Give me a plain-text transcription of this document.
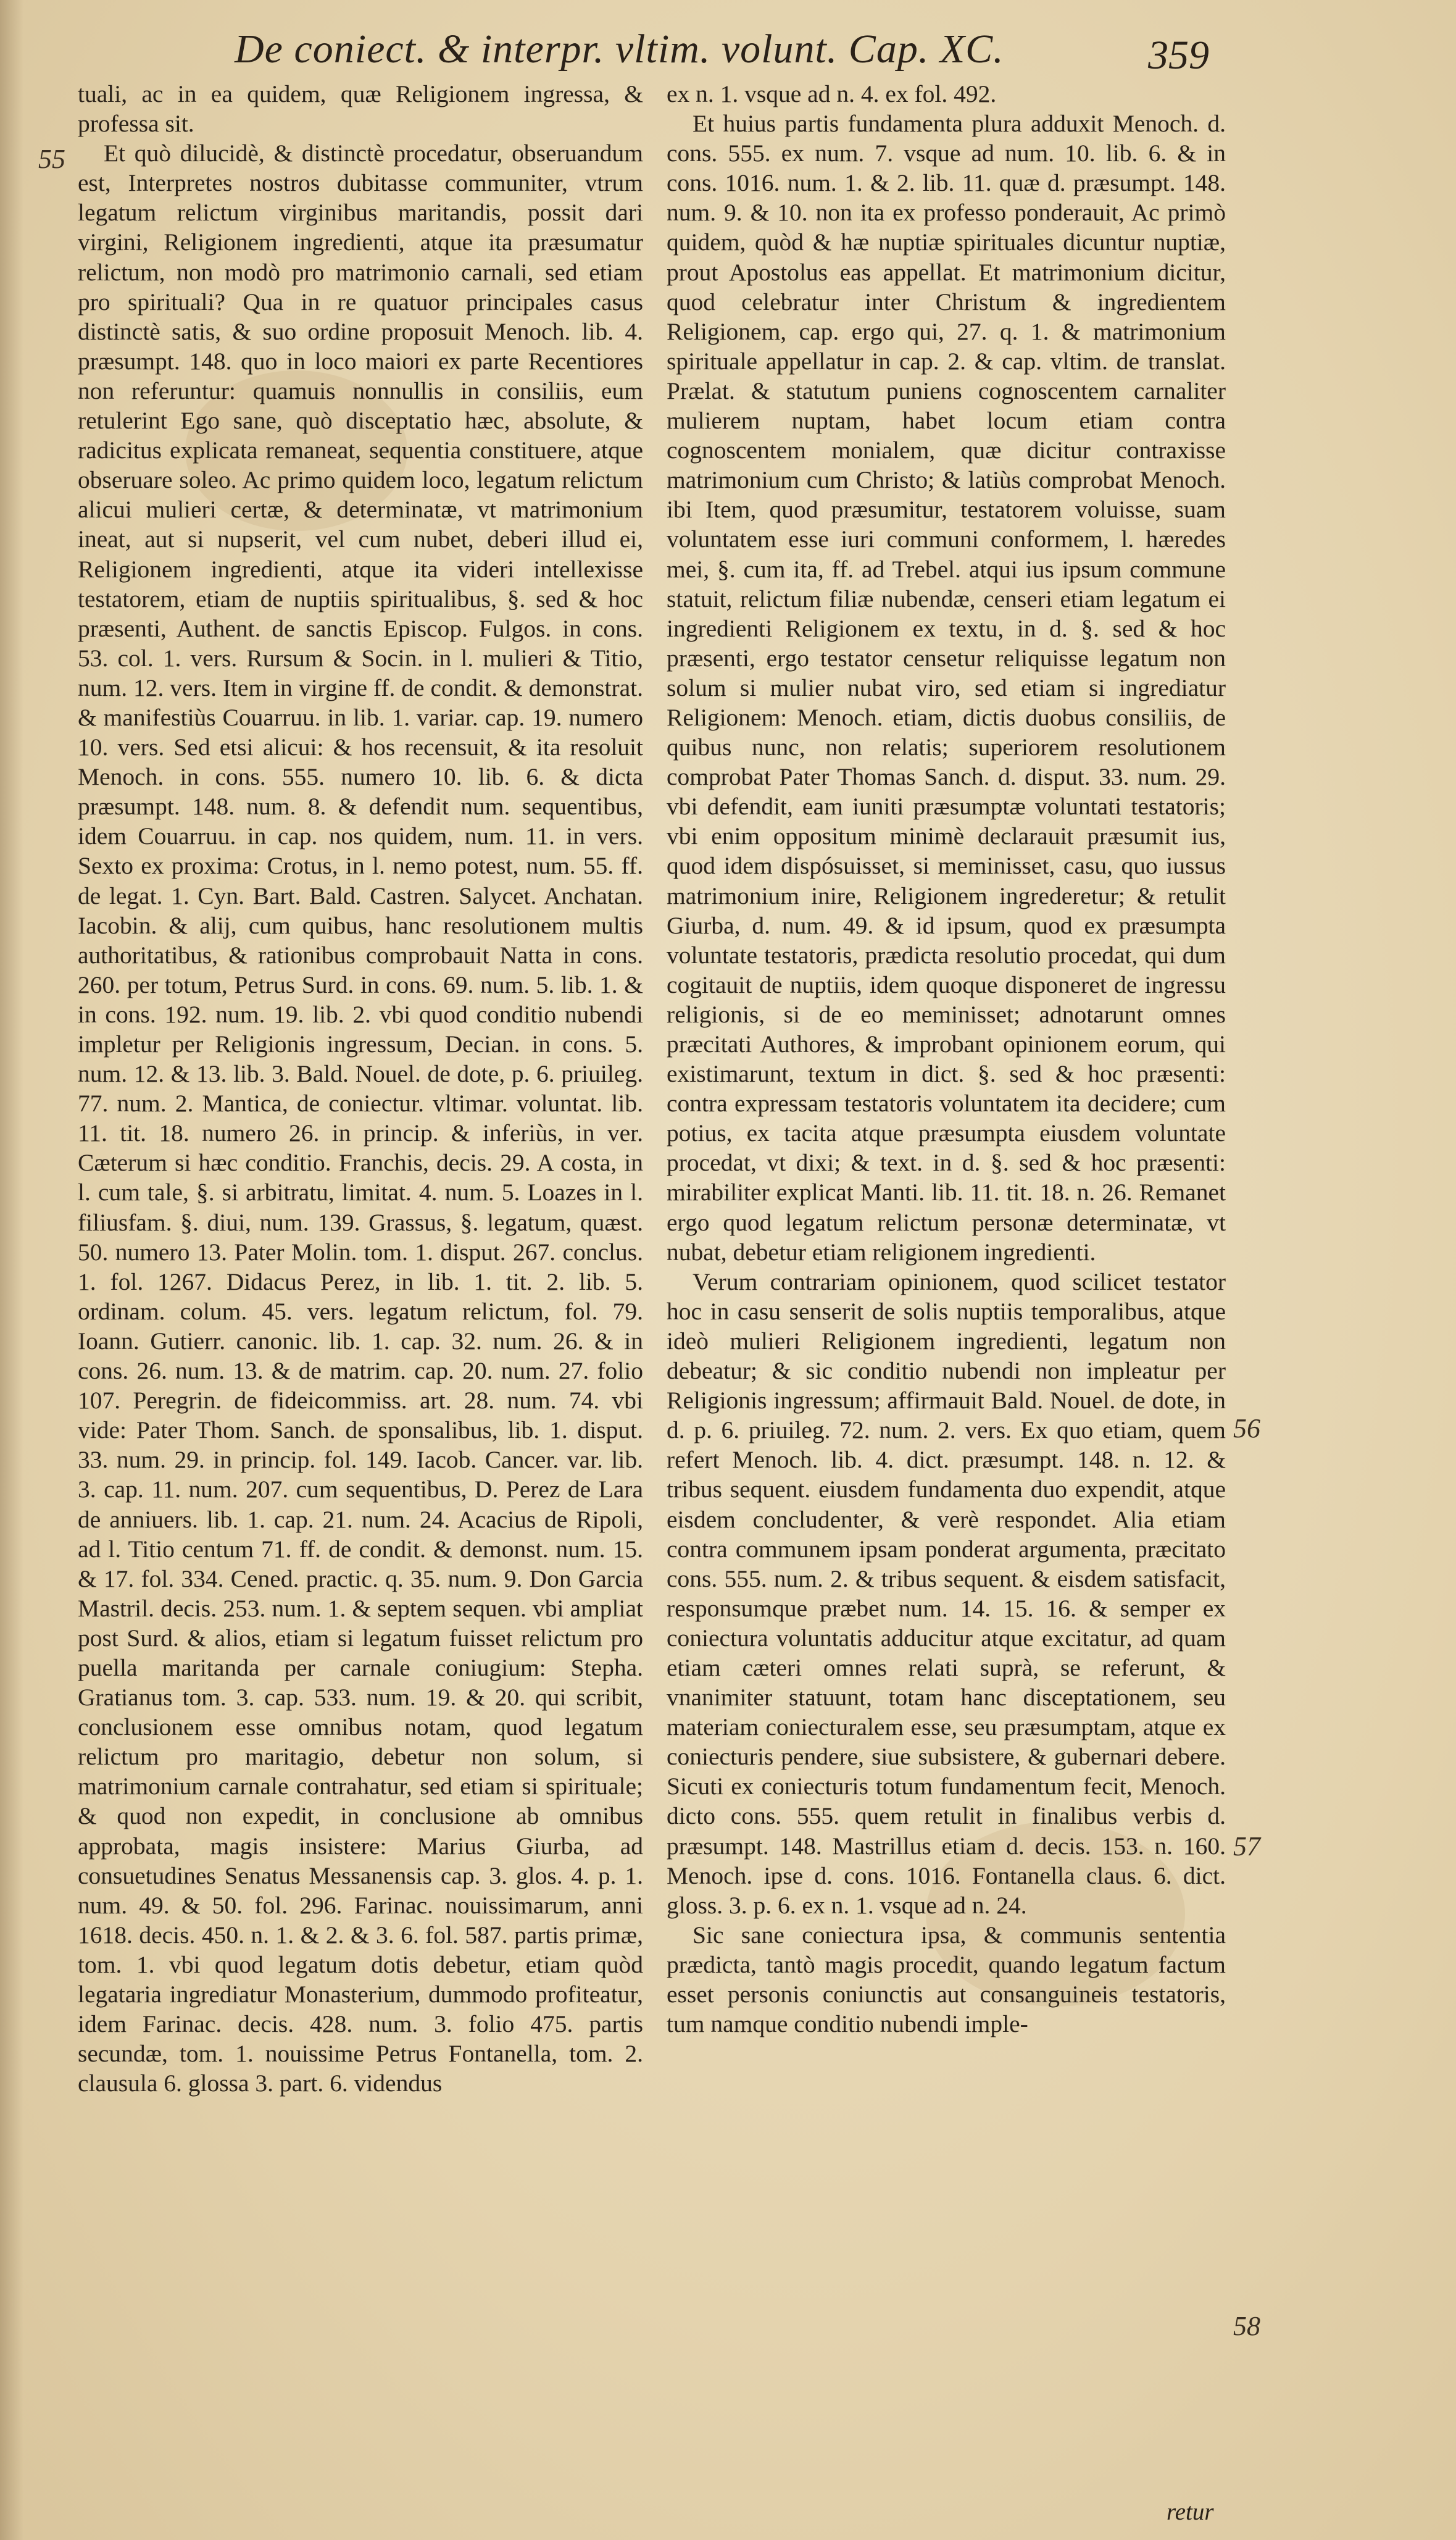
De coniect. & interpr. vltim. volunt. Cap. XC.	359
55
56
57
58

tuali, ac in ea quidem, quæ Religionem ingressa, & professa sit.

Et quò dilucidè, & distinctè procedatur, obseruandum est, Interpretes nostros dubitasse communiter, vtrum legatum relictum virginibus maritandis, possit dari virgini, Religionem ingredienti, atque ita præsumatur relictum, non modò pro matrimonio carnali, sed etiam pro spirituali? Qua in re quatuor principales casus distinctè satis, & suo ordine proposuit Menoch. lib. 4. præsumpt. 148. quo in loco maiori ex parte Recentiores non referuntur: quamuis nonnullis in consiliis, eum retulerint Ego sane, quò disceptatio hæc, absolute, & radicitus explicata remaneat, sequentia constituere, atque obseruare soleo. Ac primo quidem loco, legatum relictum alicui mulieri certæ, & determinatæ, vt matrimonium ineat, aut si nupserit, vel cum nubet, deberi illud ei, Religionem ingredienti, atque ita videri intellexisse testatorem, etiam de nuptiis spiritualibus, §. sed & hoc præsenti, Authent. de sanctis Episcop. Fulgos. in cons. 53. col. 1. vers. Rursum & Socin. in l. mulieri & Titio, num. 12. vers. Item in virgine ff. de condit. & demonstrat. & manifestiùs Couarruu. in lib. 1. variar. cap. 19. numero 10. vers. Sed etsi alicui: & hos recensuit, & ita resoluit Menoch. in cons. 555. numero 10. lib. 6. & dicta præsumpt. 148. num. 8. & defendit num. sequentibus, idem Couarruu. in cap. nos quidem, num. 11. in vers. Sexto ex proxima: Crotus, in l. nemo potest, num. 55. ff. de legat. 1. Cyn. Bart. Bald. Castren. Salycet. Anchatan. Iacobin. & alij, cum quibus, hanc resolutionem multis authoritatibus, & rationibus comprobauit Natta in cons. 260. per totum, Petrus Surd. in cons. 69. num. 5. lib. 1. & in cons. 192. num. 19. lib. 2. vbi quod conditio nubendi impletur per Religionis ingressum, Decian. in cons. 5. num. 12. & 13. lib. 3. Bald. Nouel. de dote, p. 6. priuileg. 77. num. 2. Mantica, de coniectur. vltimar. voluntat. lib. 11. tit. 18. numero 26. in princip. & inferiùs, in ver. Cæterum si hæc conditio. Franchis, decis. 29. A costa, in l. cum tale, §. si arbitratu, limitat. 4. num. 5. Loazes in l. filiusfam. §. diui, num. 139. Grassus, §. legatum, quæst. 50. numero 13. Pater Molin. tom. 1. disput. 267. conclus. 1. fol. 1267. Didacus Perez, in lib. 1. tit. 2. lib. 5. ordinam. colum. 45. vers. legatum relictum, fol. 79. Ioann. Gutierr. canonic. lib. 1. cap. 32. num. 26. & in cons. 26. num. 13. & de matrim. cap. 20. num. 27. folio 107. Peregrin. de fideicommiss. art. 28. num. 74. vbi vide: Pater Thom. Sanch. de sponsalibus, lib. 1. disput. 33. num. 29. in princip. fol. 149. Iacob. Cancer. var. lib. 3. cap. 11. num. 207. cum sequentibus, D. Perez de Lara de anniuers. lib. 1. cap. 21. num. 24. Acacius de Ripoli, ad l. Titio centum 71. ff. de condit. & demonst. num. 15. & 17. fol. 334. Cened. practic. q. 35. num. 9. Don Garcia Mastril. decis. 253. num. 1. & septem sequen. vbi ampliat post Surd. & alios, etiam si legatum fuisset relictum pro puella maritanda per carnale coniugium: Stepha. Gratianus tom. 3. cap. 533. num. 19. & 20. qui scribit, conclusionem esse omnibus notam, quod legatum relictum pro maritagio, debetur non solum, si matrimonium carnale contrahatur, sed etiam si spirituale; & quod non expedit, in conclusione ab omnibus approbata, magis insistere: Marius Giurba, ad consuetudines Senatus Messanensis cap. 3. glos. 4. p. 1. num. 49. & 50. fol. 296. Farinac. nouissimarum, anni 1618. decis. 450. n. 1. & 2. & 3. 6. fol. 587. partis primæ, tom. 1. vbi quod legatum dotis debetur, etiam quòd legataria ingrediatur Monasterium, dummodo profiteatur, idem Farinac. decis. 428. num. 3. folio 475. partis secundæ, tom. 1. nouissime Petrus Fontanella, tom. 2. clausula 6. glossa 3. part. 6. videndus

ex n. 1. vsque ad n. 4. ex fol. 492.

Et huius partis fundamenta plura adduxit Menoch. d. cons. 555. ex num. 7. vsque ad num. 10. lib. 6. & in cons. 1016. num. 1. & 2. lib. 11. quæ d. præsumpt. 148. num. 9. & 10. non ita ex professo ponderauit, Ac primò quidem, quòd & hæ nuptiæ spirituales dicuntur nuptiæ, prout Apostolus eas appellat. Et matrimonium dicitur, quod celebratur inter Christum & ingredientem Religionem, cap. ergo qui, 27. q. 1. & matrimonium spirituale appellatur in cap. 2. & cap. vltim. de translat. Prælat. & statutum puniens cognoscentem carnaliter mulierem nuptam, habet locum etiam contra cognoscentem monialem, quæ dicitur contraxisse matrimonium cum Christo; & latiùs comprobat Menoch. ibi Item, quod præsumitur, testatorem voluisse, suam voluntatem esse iuri communi conformem, l. hæredes mei, §. cum ita, ff. ad Trebel. atqui ius ipsum commune statuit, relictum filiæ nubendæ, censeri etiam legatum ei ingredienti Religionem ex textu, in d. §. sed & hoc præsenti, ergo testator censetur reliquisse legatum non solum si mulier nubat viro, sed etiam si ingrediatur Religionem: Menoch. etiam, dictis duobus consiliis, de quibus nunc, non relatis; superiorem resolutionem comprobat Pater Thomas Sanch. d. disput. 33. num. 29. vbi defendit, eam iuniti præsumptæ voluntati testatoris; vbi enim oppositum minimè declarauit præsumit ius, quod idem dispósuisset, si meminisset, casu, quo iussus matrimonium inire, Religionem ingrederetur; & retulit Giurba, d. num. 49. & id ipsum, quod ex præsumpta voluntate testatoris, prædicta resolutio procedat, qui dum cogitauit de nuptiis, idem quoque disponeret de ingressu religionis, si de eo meminisset; adnotarunt omnes præcitati Authores, & improbant opinionem eorum, qui existimarunt, textum in dict. §. sed & hoc præsenti: contra expressam testatoris voluntatem ita decidere; cum potius, ex tacita atque præsumpta eiusdem voluntate procedat, vt dixi; & text. in d. §. sed & hoc præsenti: mirabiliter explicat Manti. lib. 11. tit. 18. n. 26. Remanet ergo quod legatum relictum personæ determinatæ, vt nubat, debetur etiam religionem ingredienti.

Verum contrariam opinionem, quod scilicet testator hoc in casu senserit de solis nuptiis temporalibus, atque ideò mulieri Religionem ingredienti, legatum non debeatur; & sic conditio nubendi non impleatur per Religionis ingressum; affirmauit Bald. Nouel. de dote, in d. p. 6. priuileg. 72. num. 2. vers. Ex quo etiam, quem refert Menoch. lib. 4. dict. præsumpt. 148. n. 12. & tribus sequent. eiusdem fundamenta duo expendit, atque eisdem concludenter, & verè respondet. Alia etiam contra communem ipsam ponderat argumenta, præcitato cons. 555. num. 2. & tribus sequent. & eisdem satisfacit, responsumque præbet num. 14. 15. 16. & semper ex coniectura voluntatis adducitur atque excitatur, ad quam etiam cæteri omnes relati suprà, se referunt, & vnanimiter statuunt, totam hanc disceptationem, seu materiam coniecturalem esse, seu præsumptam, atque ex coniecturis pendere, siue subsistere, & gubernari debere. Sicuti ex coniecturis totum fundamentum fecit, Menoch. dicto cons. 555. quem retulit in finalibus verbis d. præsumpt. 148. Mastrillus etiam d. decis. 153. n. 160. Menoch. ipse d. cons. 1016. Fontanella claus. 6. dict. gloss. 3. p. 6. ex n. 1. vsque ad n. 24.

Sic sane coniectura ipsa, & communis sententia prædicta, tantò magis procedit, quando legatum factum esset personis coniunctis aut consanguineis testatoris, tum namque conditio nubendi imple-

retur
